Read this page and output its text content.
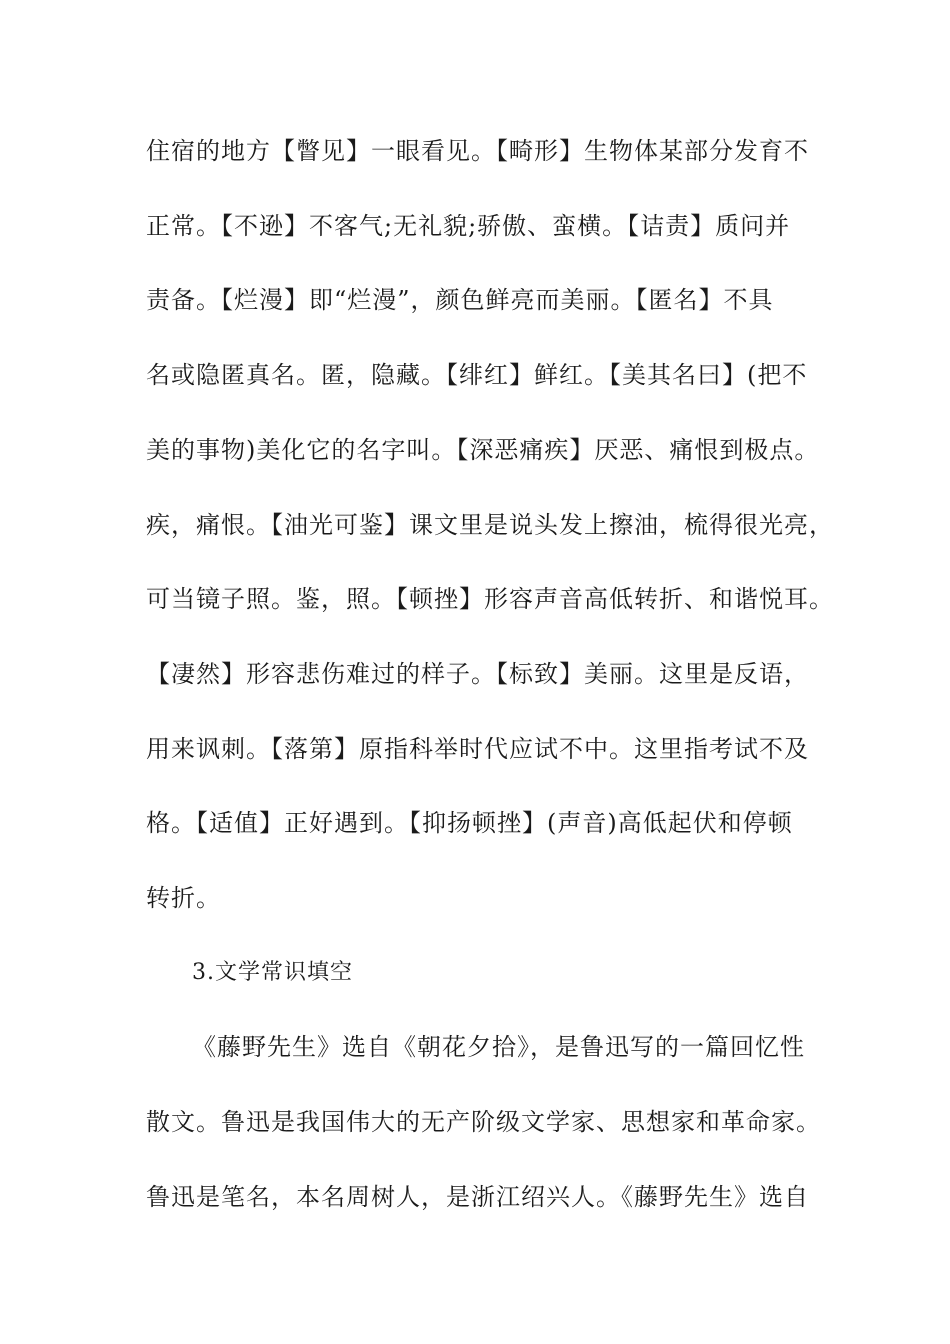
住宿的地方【瞥见】一眼看见。【畸形】生物体某部分发育不
正常。【不逊】不客气;无礼貌;骄傲、蛮横。【诘责】质问并
责备。【烂漫】即“烂漫”，颜色鲜亮而美丽。【匿名】不具
名或隐匿真名。匿，隐藏。【绯红】鲜红。【美其名曰】(把不
美的事物)美化它的名字叫。【深恶痛疾】厌恶、痛恨到极点。
疾，痛恨。【油光可鉴】课文里是说头发上擦油，梳得很光亮，
可当镜子照。鉴，照。【顿挫】形容声音高低转折、和谐悦耳。
【凄然】形容悲伤难过的样子。【标致】美丽。这里是反语，
用来讽刺。【落第】原指科举时代应试不中。这里指考试不及
格。【适值】正好遇到。【抑扬顿挫】(声音)高低起伏和停顿
转折。
3.文学常识填空
《藤野先生》选自《朝花夕拾》，是鲁迅写的一篇回忆性
散文。鲁迅是我国伟大的无产阶级文学家、思想家和革命家。
鲁迅是笔名，本名周树人，是浙江绍兴人。《藤野先生》选自
